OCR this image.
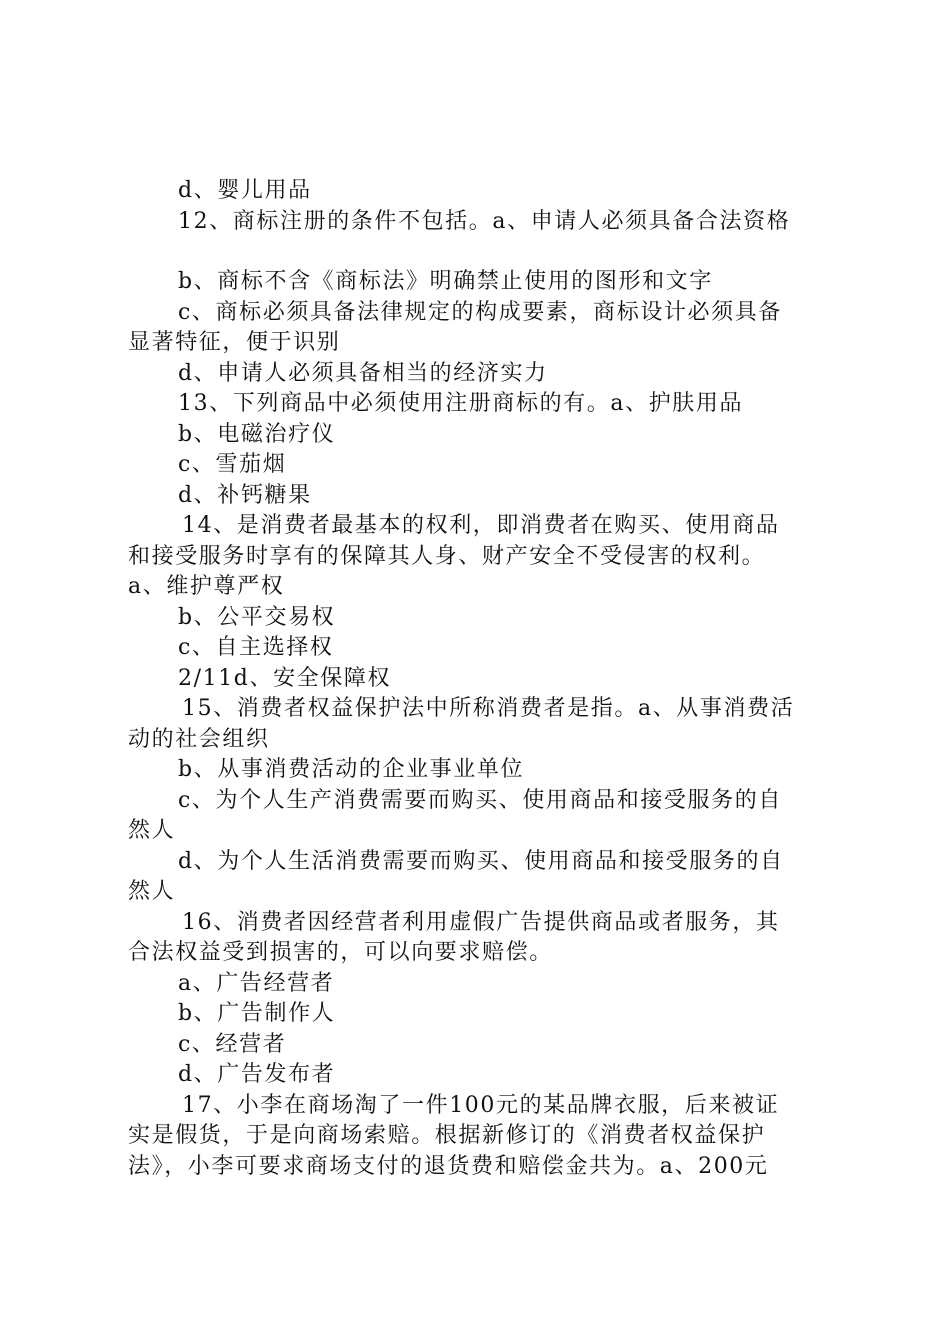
d、婴儿用品
12、商标注册的条件不包括。a、申请人必须具备合法资格
b、商标不含《商标法》明确禁止使用的图形和文字
c、商标必须具备法律规定的构成要素，商标设计必须具备
显著特征，便于识别
d、申请人必须具备相当的经济实力
13、下列商品中必须使用注册商标的有。a、护肤用品
b、电磁治疗仪
c、雪茄烟
d、补钙糖果
14、是消费者最基本的权利，即消费者在购买、使用商品
和接受服务时享有的保障其人身、财产安全不受侵害的权利。
a、维护尊严权
b、公平交易权
c、自主选择权
2/11d、安全保障权
15、消费者权益保护法中所称消费者是指。a、从事消费活
动的社会组织
b、从事消费活动的企业事业单位
c、为个人生产消费需要而购买、使用商品和接受服务的自
然人
d、为个人生活消费需要而购买、使用商品和接受服务的自
然人
16、消费者因经营者利用虚假广告提供商品或者服务，其
合法权益受到损害的，可以向要求赔偿。
a、广告经营者
b、广告制作人
c、经营者
d、广告发布者
17、小李在商场淘了一件100元的某品牌衣服，后来被证
实是假货，于是向商场索赔。根据新修订的《消费者权益保护
法》，小李可要求商场支付的退货费和赔偿金共为。a、200元
